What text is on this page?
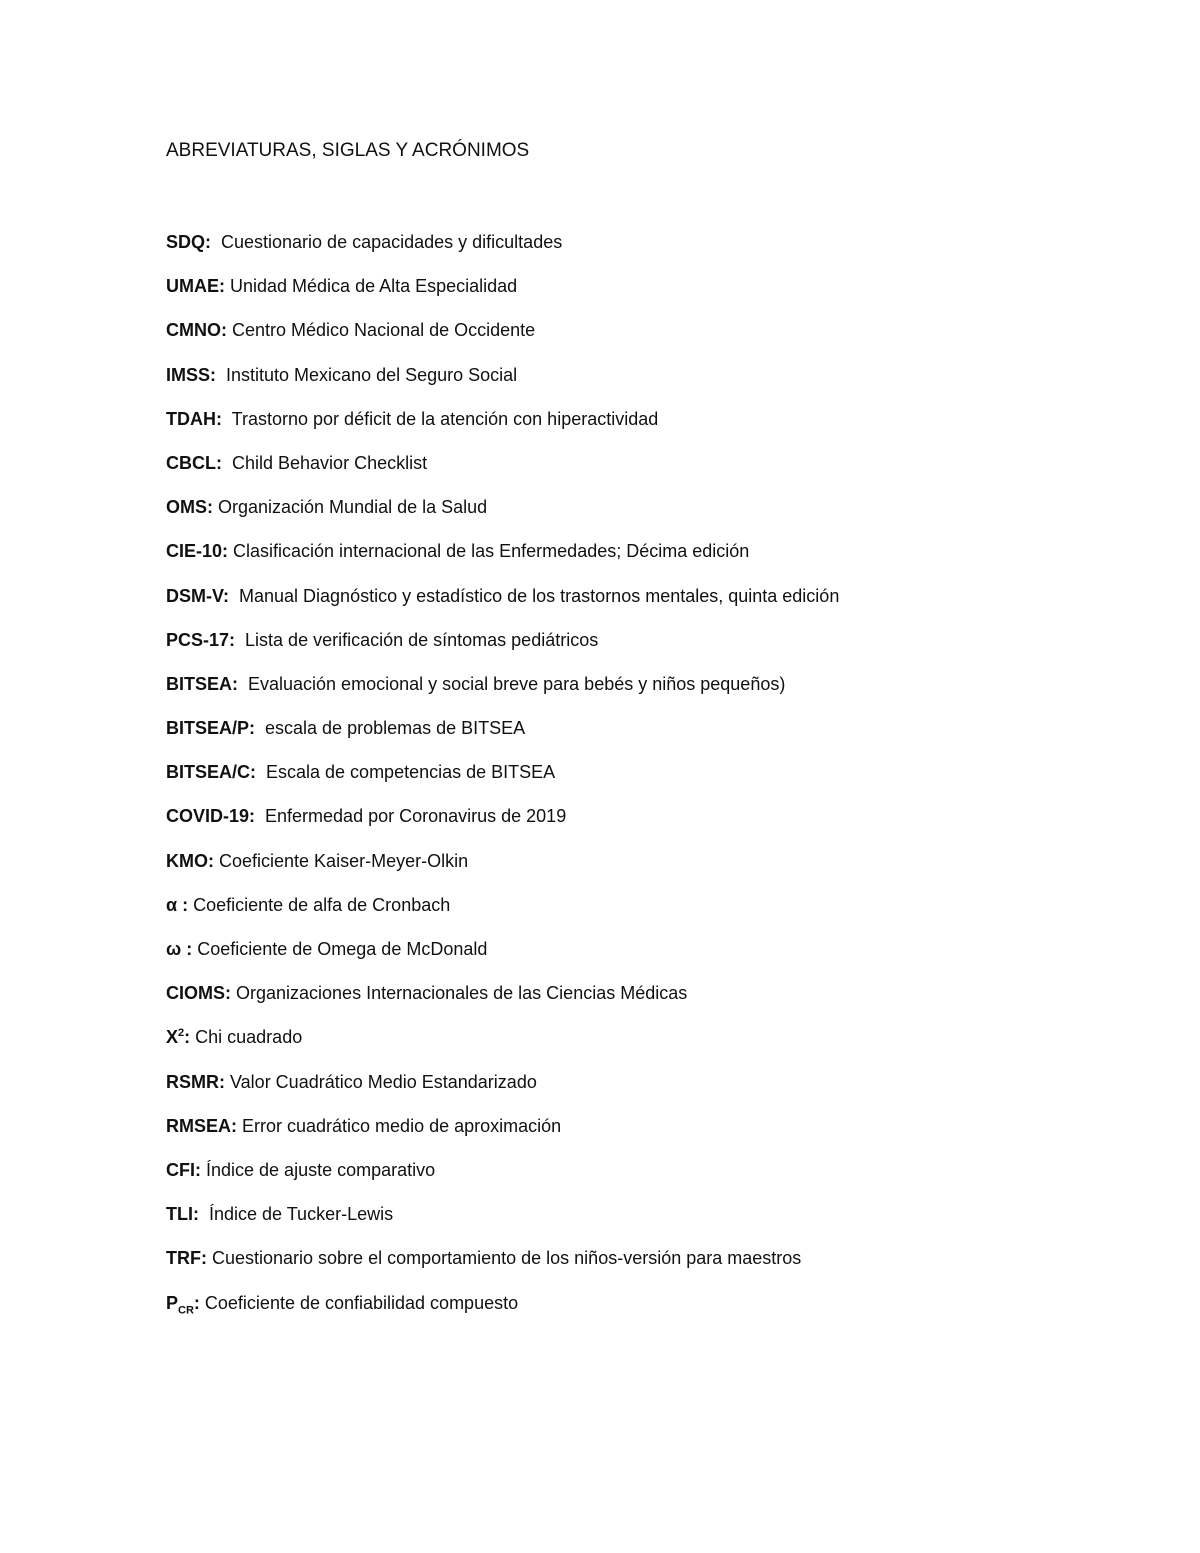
ABREVIATURAS, SIGLAS Y ACRÓNIMOS
SDQ:  Cuestionario de capacidades y dificultades
UMAE: Unidad Médica de Alta Especialidad
CMNO: Centro Médico Nacional de Occidente
IMSS:  Instituto Mexicano del Seguro Social
TDAH:  Trastorno por déficit de la atención con hiperactividad
CBCL:  Child Behavior Checklist
OMS: Organización Mundial de la Salud
CIE-10: Clasificación internacional de las Enfermedades; Décima edición
DSM-V:  Manual Diagnóstico y estadístico de los trastornos mentales, quinta edición
PCS-17:  Lista de verificación de síntomas pediátricos
BITSEA:  Evaluación emocional y social breve para bebés y niños pequeños)
BITSEA/P:  escala de problemas de BITSEA
BITSEA/C:  Escala de competencias de BITSEA
COVID-19:  Enfermedad por Coronavirus de 2019
KMO: Coeficiente Kaiser-Meyer-Olkin
α : Coeficiente de alfa de Cronbach
ω : Coeficiente de Omega de McDonald
CIOMS: Organizaciones Internacionales de las Ciencias Médicas
$X^2$: Chi cuadrado
RSMR: Valor Cuadrático Medio Estandarizado
RMSEA: Error cuadrático medio de aproximación
CFI: Índice de ajuste comparativo
TLI:  Índice de Tucker-Lewis
TRF: Cuestionario sobre el comportamiento de los niños-versión para maestros
$P_{CR}$: Coeficiente de confiabilidad compuesto
